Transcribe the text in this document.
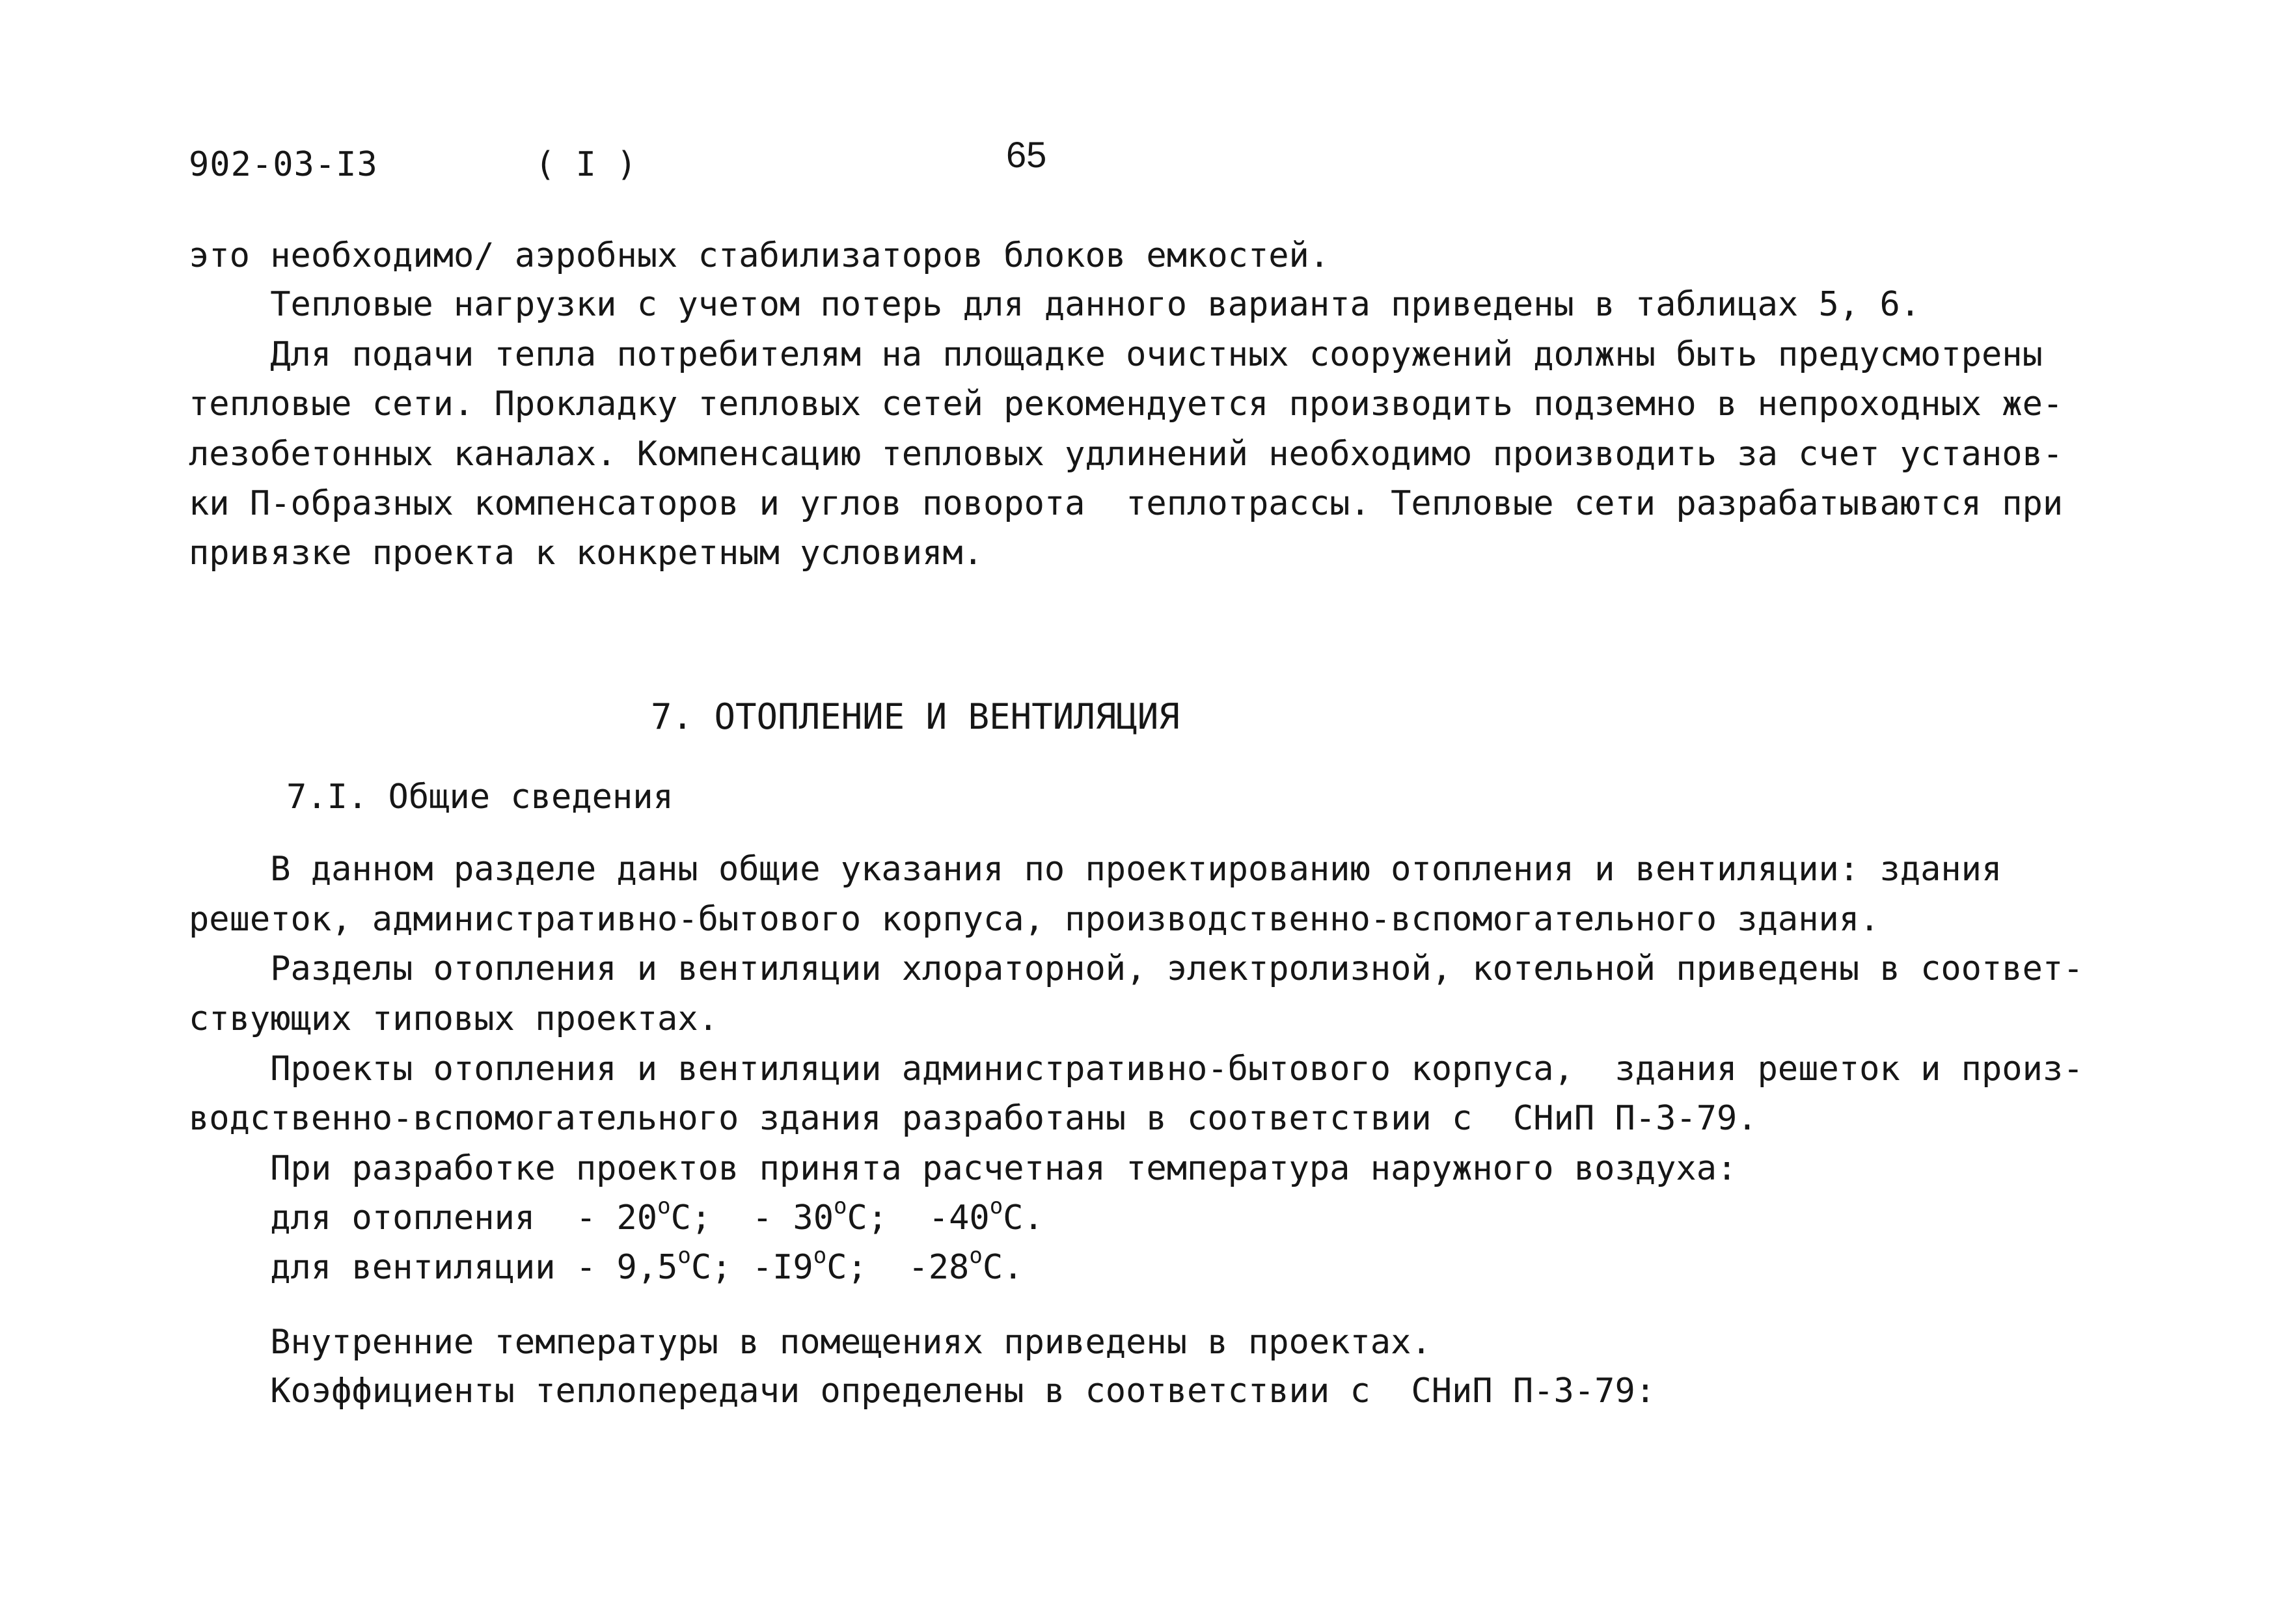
902-03-I3	( I )	65
это необходимо/ аэробных стабилизаторов блоков емкостей.
Тепловые нагрузки с учетом потерь для данного варианта приведены в таблицах 5, 6.
Для подачи тепла потребителям на площадке очистных сооружений должны быть предусмотрены
тепловые сети. Прокладку тепловых сетей рекомендуется производить подземно в непроходных же-
лезобетонных каналах. Компенсацию тепловых удлинений необходимо производить за счет установ-
ки П-образных компенсаторов и углов поворота  теплотрассы. Тепловые сети разрабатываются при
привязке проекта к конкретным условиям.
7. ОТОПЛЕНИЕ И ВЕНТИЛЯЦИЯ
7.I. Общие сведения
В данном разделе даны общие указания по проектированию отопления и вентиляции: здания
решеток, административно-бытового корпуса, производственно-вспомогательного здания.
Разделы отопления и вентиляции хлораторной, электролизной, котельной приведены в соответ-
ствующих типовых проектах.
Проекты отопления и вентиляции административно-бытового корпуса,  здания решеток и произ-
водственно-вспомогательного здания разработаны в соответствии с  СНиП П-3-79.
При разработке проектов принята расчетная температура наружного воздуха:
для отопления  - 20$^o$C;  - 30$^o$C;  -40$^o$C.
для вентиляции - 9,5$^o$C; -I9$^o$C;  -28$^o$C.
Внутренние температуры в помещениях приведены в проектах.
Коэффициенты теплопередачи определены в соответствии с  СНиП П-3-79:
